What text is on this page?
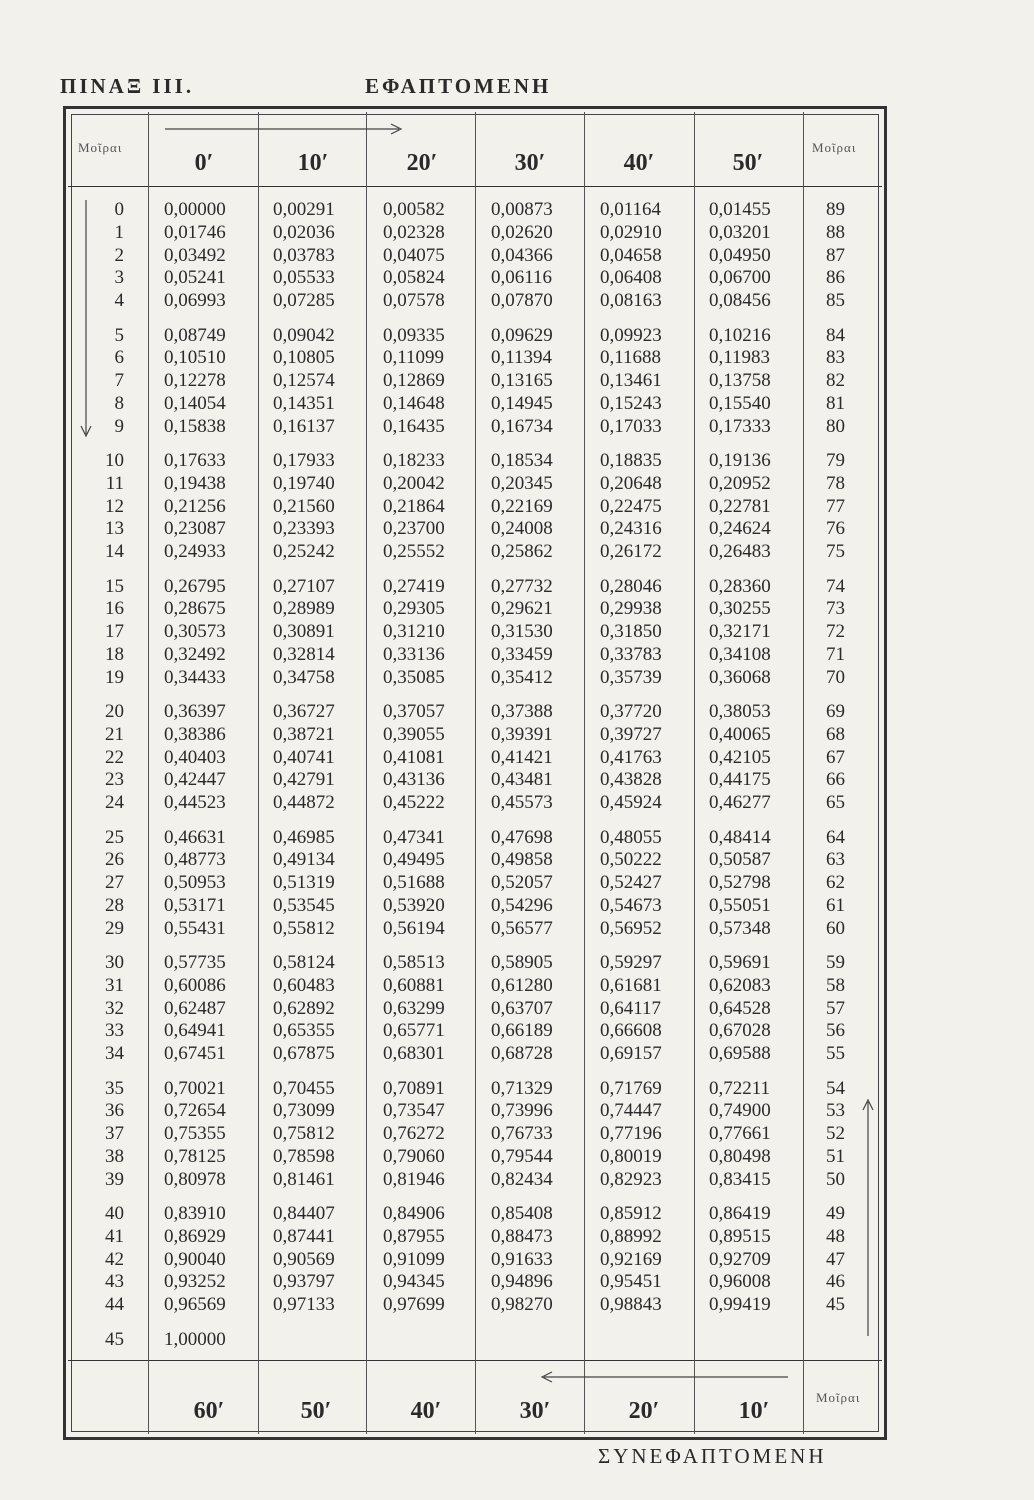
ΠΙΝΑΞ III.	ΕΦΑΠΤΟΜΕΝΗ
Μοῖραι	Μοῖραι
Μοῖραι
0′	10′	20′	30′	40′	50′
60′	50′	40′	30′	20′	10′
0 0,00000 0,00291	0,00582 0,00873 0,01164	0,01455	89
1 0,01746 0,02036	0,02328 0,02620 0,02910 0,03201	88
2 0,03492 0,03783	0,04075 0,04366 0,04658 0,04950	87
3 0,05241 0,05533	0,05824 0,06116	0,06408 0,06700	86
4 0,06993 0,07285	0,07578 0,07870 0,08163 0,08456	85
5 0,08749 0,09042	0,09335 0,09629 0,09923 0,10216	84
6 0,10510 0,10805	0,11099 0,11394	0,11688	0,11983	83
7 0,12278 0,12574	0,12869 0,13165 0,13461 0,13758	82
8 0,14054 0,14351	0,14648 0,14945 0,15243 0,15540	81
9 0,15838 0,16137	0,16435 0,16734 0,17033 0,17333	80
10 0,17633 0,17933	0,18233 0,18534 0,18835 0,19136	79
11 0,19438 0,19740	0,20042 0,20345 0,20648 0,20952	78
12 0,21256 0,21560	0,21864 0,22169 0,22475 0,22781	77
13 0,23087 0,23393	0,23700 0,24008 0,24316 0,24624	76
14 0,24933 0,25242	0,25552 0,25862 0,26172 0,26483	75
15 0,26795 0,27107	0,27419 0,27732 0,28046 0,28360	74
16 0,28675 0,28989	0,29305 0,29621 0,29938 0,30255	73
17 0,30573 0,30891	0,31210 0,31530 0,31850 0,32171	72
18 0,32492 0,32814	0,33136 0,33459 0,33783 0,34108	71
19 0,34433 0,34758	0,35085 0,35412 0,35739 0,36068	70
20 0,36397 0,36727	0,37057 0,37388 0,37720 0,38053	69
21 0,38386 0,38721	0,39055 0,39391 0,39727 0,40065	68
22 0,40403 0,40741	0,41081 0,41421 0,41763 0,42105	67
23 0,42447 0,42791	0,43136 0,43481 0,43828 0,44175	66
24 0,44523 0,44872	0,45222 0,45573 0,45924 0,46277	65
25 0,46631 0,46985	0,47341 0,47698 0,48055 0,48414	64
26 0,48773 0,49134	0,49495 0,49858 0,50222 0,50587	63
27 0,50953 0,51319	0,51688 0,52057 0,52427 0,52798	62
28 0,53171 0,53545	0,53920 0,54296 0,54673 0,55051	61
29 0,55431 0,55812	0,56194 0,56577 0,56952 0,57348	60
30 0,57735 0,58124	0,58513 0,58905 0,59297 0,59691	59
31 0,60086 0,60483	0,60881 0,61280 0,61681 0,62083	58
32 0,62487 0,62892	0,63299 0,63707 0,64117	0,64528	57
33 0,64941 0,65355	0,65771 0,66189 0,66608 0,67028	56
34 0,67451 0,67875	0,68301 0,68728 0,69157 0,69588	55
35 0,70021 0,70455	0,70891 0,71329 0,71769 0,72211	54
36 0,72654 0,73099	0,73547 0,73996 0,74447 0,74900	53
37 0,75355 0,75812	0,76272 0,76733 0,77196 0,77661	52
38 0,78125 0,78598	0,79060 0,79544 0,80019 0,80498	51
39 0,80978 0,81461	0,81946 0,82434 0,82923 0,83415	50
40 0,83910 0,84407	0,84906 0,85408 0,85912 0,86419	49
41 0,86929 0,87441	0,87955 0,88473 0,88992 0,89515	48
42 0,90040 0,90569	0,91099 0,91633 0,92169 0,92709	47
43 0,93252 0,93797	0,94345 0,94896 0,95451 0,96008	46
44 0,96569 0,97133	0,97699 0,98270 0,98843 0,99419	45
45 1,00000
ΣΥΝΕΦΑΠΤΟΜΕΝΗ
